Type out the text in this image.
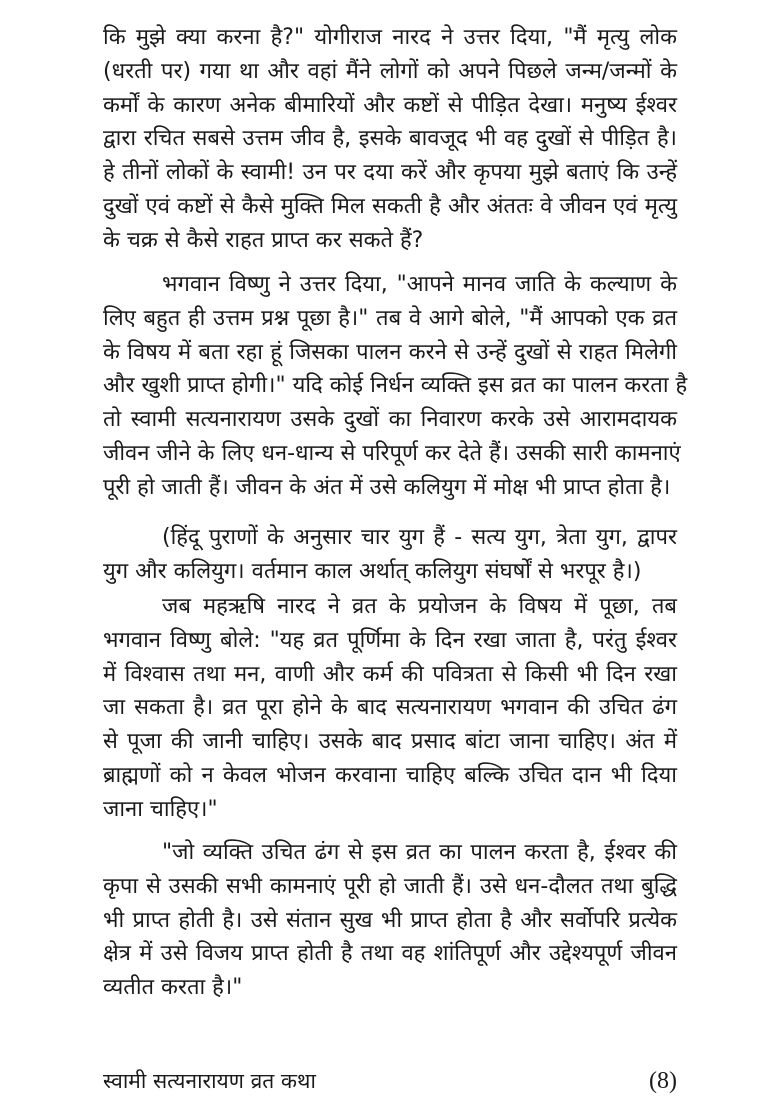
कि मुझे क्या करना है?" योगीराज नारद ने उत्तर दिया, "मैं मृत्यु लोक
(धरती पर) गया था और वहां मैंने लोगों को अपने पिछले जन्म/जन्मों के
कर्मों के कारण अनेक बीमारियों और कष्टों से पीड़ित देखा। मनुष्य ईश्वर
द्वारा रचित सबसे उत्तम जीव है, इसके बावजूद भी वह दुखों से पीड़ित है।
हे तीनों लोकों के स्वामी! उन पर दया करें और कृपया मुझे बताएं कि उन्हें
दुखों एवं कष्टों से कैसे मुक्ति मिल सकती है और अंततः वे जीवन एवं मृत्यु
के चक्र से कैसे राहत प्राप्त कर सकते हैं?
भगवान विष्णु ने उत्तर दिया, "आपने मानव जाति के कल्याण के
लिए बहुत ही उत्तम प्रश्न पूछा है।" तब वे आगे बोले, "मैं आपको एक व्रत
के विषय में बता रहा हूं जिसका पालन करने से उन्हें दुखों से राहत मिलेगी
और खुशी प्राप्त होगी।" यदि कोई निर्धन व्यक्ति इस व्रत का पालन करता है
तो स्वामी सत्यनारायण उसके दुखों का निवारण करके उसे आरामदायक
जीवन जीने के लिए धन-धान्य से परिपूर्ण कर देते हैं। उसकी सारी कामनाएं
पूरी हो जाती हैं। जीवन के अंत में उसे कलियुग में मोक्ष भी प्राप्त होता है।
(हिंदू पुराणों के अनुसार चार युग हैं - सत्य युग, त्रेता युग, द्वापर
युग और कलियुग। वर्तमान काल अर्थात् कलियुग संघर्षों से भरपूर है।)
जब महऋषि नारद ने व्रत के प्रयोजन के विषय में पूछा, तब
भगवान विष्णु बोले: "यह व्रत पूर्णिमा के दिन रखा जाता है, परंतु ईश्वर
में विश्वास तथा मन, वाणी और कर्म की पवित्रता से किसी भी दिन रखा
जा सकता है। व्रत पूरा होने के बाद सत्यनारायण भगवान की उचित ढंग
से पूजा की जानी चाहिए। उसके बाद प्रसाद बांटा जाना चाहिए। अंत में
ब्राह्मणों को न केवल भोजन करवाना चाहिए बल्कि उचित दान भी दिया
जाना चाहिए।"
"जो व्यक्ति उचित ढंग से इस व्रत का पालन करता है, ईश्वर की
कृपा से उसकी सभी कामनाएं पूरी हो जाती हैं। उसे धन-दौलत तथा बुद्धि
भी प्राप्त होती है। उसे संतान सुख भी प्राप्त होता है और सर्वोपरि प्रत्येक
क्षेत्र में उसे विजय प्राप्त होती है तथा वह शांतिपूर्ण और उद्देश्यपूर्ण जीवन
व्यतीत करता है।"
स्वामी सत्यनारायण व्रत कथा	(8)
